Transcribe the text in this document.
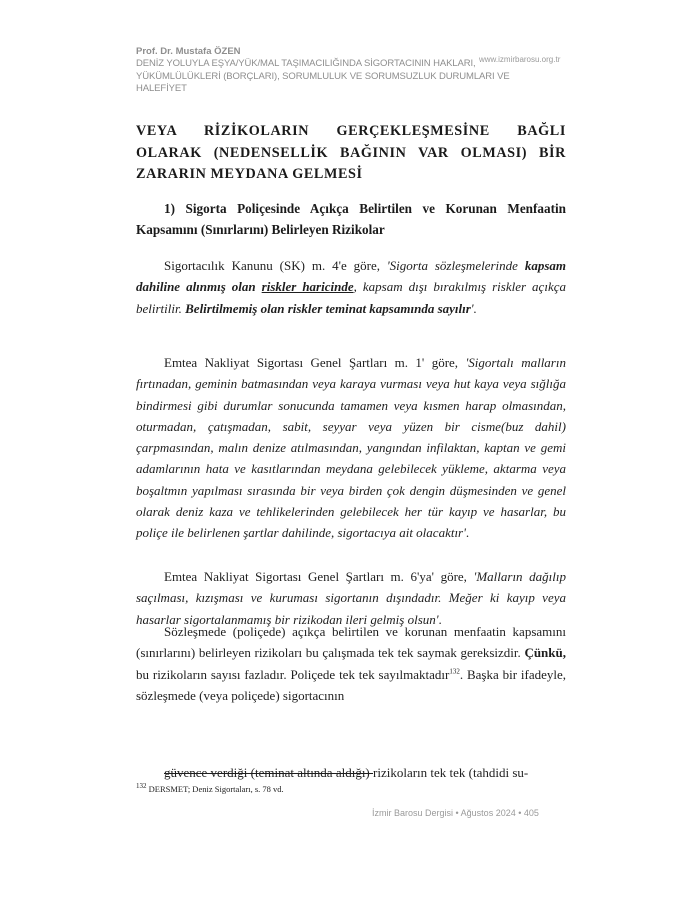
Prof. Dr. Mustafa ÖZEN

DENİZ YOLUYLA EŞYA/YÜK/MAL TAŞIMACILIĞINDA SİGORTACININ HAKLARI, YÜKÜMLÜLÜKLERİ (BORÇLARI), SORUMLULUK VE SORUMSUZLUK DURUMLARI VE HALEFİYET

www.izmirbarosu.org.tr
VEYA RİZİKOLARIN GERÇEKLEŞMESİNE BAĞLI OLARAK (NEDENSELLİK BAĞININ VAR OLMASI) BİR ZARARIN MEYDANA GELMESİ
1) Sigorta Poliçesinde Açıkça Belirtilen ve Korunan Menfaatin Kapsamını (Sınırlarını) Belirleyen Rizikolar

Sigortacılık Kanunu (SK) m. 4'e göre, 'Sigorta sözleşmelerinde kapsam dahiline alınmış olan riskler haricinde, kapsam dışı bırakılmış riskler açıkça belirtilir. Belirtilmemiş olan riskler teminat kapsamında sayılır'.

Emtea Nakliyat Sigortası Genel Şartları m. 1' göre, 'Sigortalı malların fırtınadan, geminin batmasından veya karaya vurması veya hut kaya veya sığlığa bindirmesi gibi durumlar sonucunda tamamen veya kısmen harap olmasından, oturmadan, çatışmadan, sabit, seyyar veya yüzen bir cisme(buz dahil) çarpmasından, malın denize atılmasından, yangından infilaktan, kaptan ve gemi adamlarının hata ve kasıtlarından meydana gelebilecek yükleme, aktarma veya boşaltmın yapılması sırasında bir veya birden çok dengin düşmesinden ve genel olarak deniz kaza ve tehlikelerinden gelebilecek her tür kayıp ve hasarlar, bu poliçe ile belirlenen şartlar dahilinde, sigortacıya ait olacaktır'.

Emtea Nakliyat Sigortası Genel Şartları m. 6'ya' göre, 'Malların dağılıp saçılması, kızışması ve kuruması sigortanın dışındadır. Meğer ki kayıp veya hasarlar sigortalanmamış bir rizikodan ileri gelmiş olsun'.

Sözleşmede (poliçede) açıkça belirtilen ve korunan menfaatin kapsamını (sınırlarını) belirleyen rizikoları bu çalışmada tek tek saymak gereksizdir. Çünkü, bu rizikoların sayısı fazladır. Poliçede tek tek sayılmaktadır$^{132}$. Başka bir ifadeyle, sözleşmede (veya poliçede) sigortacının

güvence verdiği (teminat altında aldığı) rizikoların tek tek (tahdidi su-

$^{132}$ DERSMET; Deniz Sigortaları, s. 78 vd.

İzmir Barosu Dergisi • Ağustos 2024 • 405
